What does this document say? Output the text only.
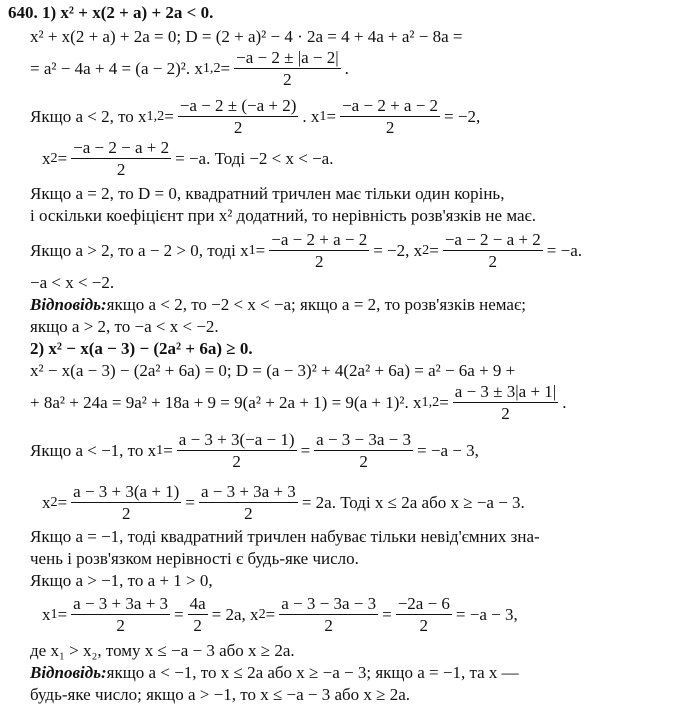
640.
1) x² + x(2 + a) + 2a < 0.
x² + x(2 + a) + 2a = 0; D = (2 + a)² − 4 · 2a = 4 + 4a + a² − 8a =
= a² − 4a + 4 = (a − 2)². x $1,2 = \frac{-a - 2 \pm |a - 2|}{2}$ .
Якщо a < 2, то x $1,2 = \frac{-a - 2 \pm (-a + 2)}{2}$ . x $1 = \frac{-a - 2 + a - 2}{2} = -2$,
x $2 = \frac{-a - 2 - a + 2}{2} = -a$. Тоді −2 < x < −a.
Якщо a = 2, то D = 0, квадратний тричлен має тільки один корінь,
і оскільки коефіцієнт при x² додатний, то нерівність розв'язків не має.
Якщо a > 2, то a − 2 > 0, тоді x $1 = \frac{-a - 2 + a - 2}{2} = -2$, x $2 = \frac{-a - 2 - a + 2}{2} = -a$.
−a < x < −2.
Відповідь: якщо a < 2, то −2 < x < −a; якщо a = 2, то розв'язків немає;
якщо a > 2, то −a < x < −2.
2) x² − x(a − 3) − (2a² + 6a) ≥ 0.
x² − x(a − 3) − (2a² + 6a) = 0; D = (a − 3)² + 4(2a² + 6a) = a² − 6a + 9 +
+ 8a² + 24a = 9a² + 18a + 9 = 9(a² + 2a + 1) = 9(a + 1)². x $1,2 = \frac{a - 3 \pm 3|a + 1|}{2}$ .
Якщо a < −1, то x $1 = \frac{a - 3 + 3(-a - 1)}{2} = \frac{a - 3 - 3a - 3}{2} = -a - 3$,
x $2 = \frac{a - 3 + 3(a + 1)}{2} = \frac{a - 3 + 3a + 3}{2} = 2a$. Тоді x ≤ 2a або x ≥ −a − 3.
Якщо a = −1, тоді квадратний тричлен набуває тільки невід'ємних зна-
чень і розв'язком нерівності є будь-яке число.
Якщо a > −1, то a + 1 > 0,
x $1 = \frac{a - 3 + 3a + 3}{2} = \frac{4a}{2} = 2a$, x $2 = \frac{a - 3 - 3a - 3}{2} = \frac{-2a - 6}{2} = -a - 3$,
де x₁ > x₂, тому x ≤ −a − 3 або x ≥ 2a.
Відповідь: якщо a < −1, то x ≤ 2a або x ≥ −a − 3; якщо a = −1, та x —
будь-яке число; якщо a > −1, то x ≤ −a − 3 або x ≥ 2a.
